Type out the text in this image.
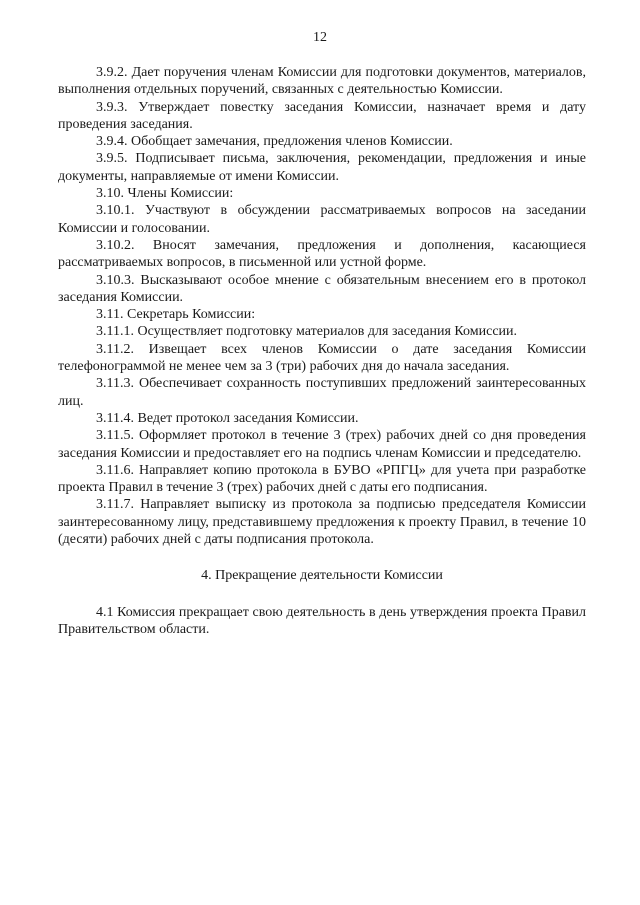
12

3.9.2. Дает поручения членам Комиссии для подготовки документов, материалов, выполнения отдельных поручений, связанных с деятельностью Комиссии.

3.9.3. Утверждает повестку заседания Комиссии, назначает время и дату проведения заседания.

3.9.4. Обобщает замечания, предложения членов Комиссии.

3.9.5. Подписывает письма, заключения, рекомендации, предложения и иные документы, направляемые от имени Комиссии.

3.10. Члены Комиссии:

3.10.1. Участвуют в обсуждении рассматриваемых вопросов на заседании Комиссии и голосовании.

3.10.2. Вносят замечания, предложения и дополнения, касающиеся рассматриваемых вопросов, в письменной или устной форме.

3.10.3. Высказывают особое мнение с обязательным внесением его в протокол заседания Комиссии.

3.11. Секретарь Комиссии:

3.11.1. Осуществляет подготовку материалов для заседания Комиссии.

3.11.2. Извещает всех членов Комиссии о дате заседания Комиссии телефонограммой не менее чем за 3 (три) рабочих дня до начала заседания.

3.11.3. Обеспечивает сохранность поступивших предложений заинтересованных лиц.

3.11.4. Ведет протокол заседания Комиссии.

3.11.5. Оформляет протокол в течение 3 (трех) рабочих дней со дня проведения заседания Комиссии и предоставляет его на подпись членам Комиссии и председателю.

3.11.6. Направляет копию протокола в БУВО «РПГЦ» для учета при разработке проекта Правил в течение 3 (трех) рабочих дней с даты его подписания.

3.11.7. Направляет выписку из протокола за подписью председателя Комиссии заинтересованному лицу, представившему предложения к проекту Правил, в течение 10 (десяти) рабочих дней с даты подписания протокола.

4. Прекращение деятельности Комиссии

4.1 Комиссия прекращает свою деятельность в день утверждения проекта Правил Правительством области.
